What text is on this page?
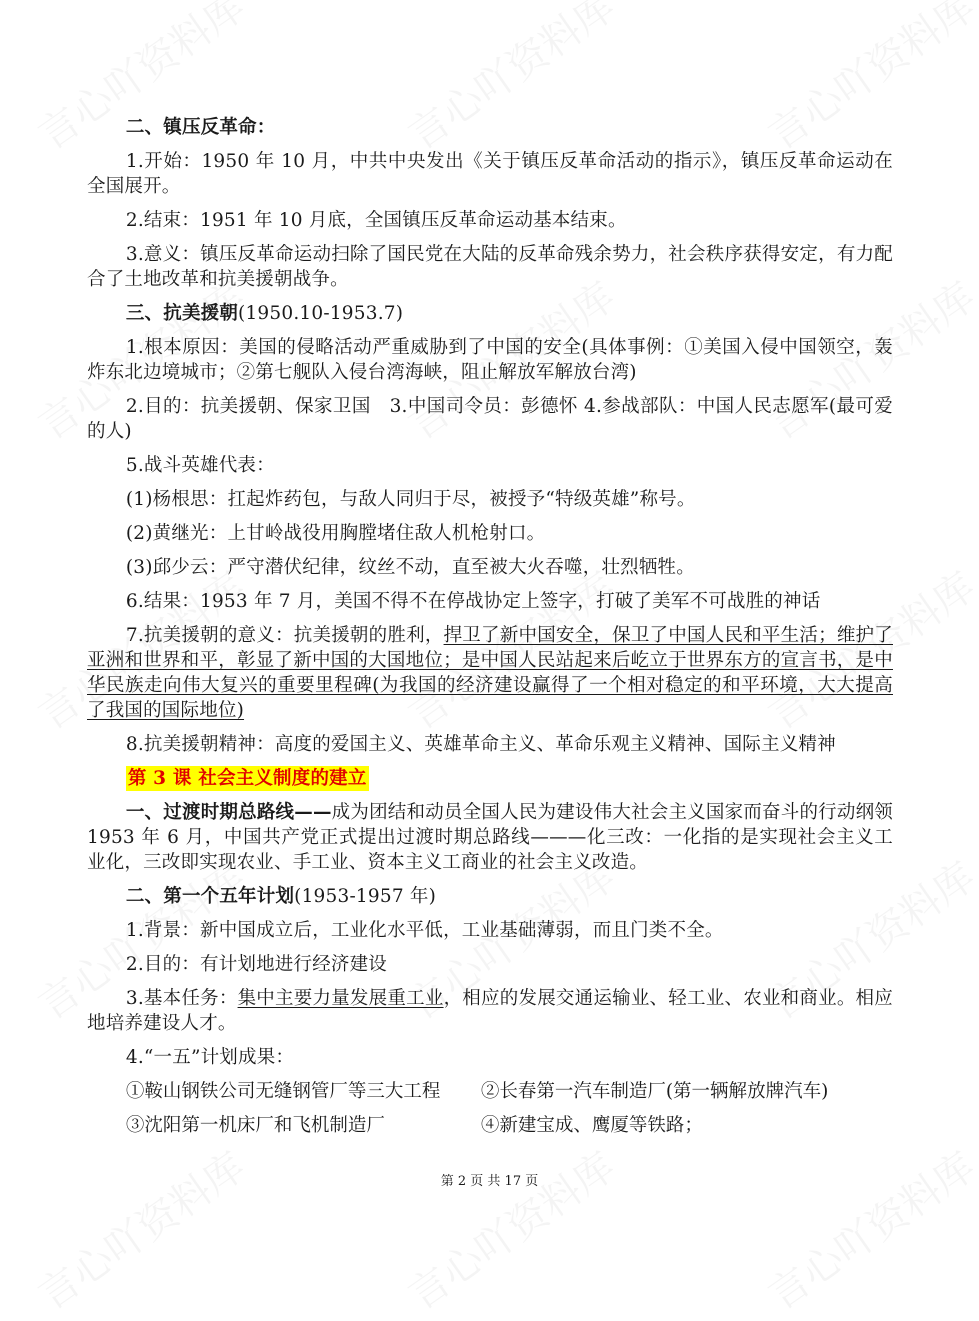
二、镇压反革命：

1.开始：1950 年 10 月，中共中央发出《关于镇压反革命活动的指示》，镇压反革命运动在全国展开。

2.结束：1951 年 10 月底，全国镇压反革命运动基本结束。

3.意义：镇压反革命运动扫除了国民党在大陆的反革命残余势力，社会秩序获得安定，有力配合了土地改革和抗美援朝战争。

三、抗美援朝(1950.10-1953.7)

1.根本原因：美国的侵略活动严重威胁到了中国的安全(具体事例：①美国入侵中国领空，轰炸东北边境城市；②第七舰队入侵台湾海峡，阻止解放军解放台湾)

2.目的：抗美援朝、保家卫国　3.中国司令员：彭德怀 4.参战部队：中国人民志愿军(最可爱的人)

5.战斗英雄代表：

(1)杨根思：扛起炸药包，与敌人同归于尽，被授予“特级英雄”称号。

(2)黄继光：上甘岭战役用胸膛堵住敌人机枪射口。

(3)邱少云：严守潜伏纪律，纹丝不动，直至被大火吞噬，壮烈牺牲。

6.结果：1953 年 7 月，美国不得不在停战协定上签字，打破了美军不可战胜的神话

7.抗美援朝的意义：抗美援朝的胜利，捍卫了新中国安全，保卫了中国人民和平生活；维护了亚洲和世界和平，彰显了新中国的大国地位；是中国人民站起来后屹立于世界东方的宣言书，是中华民族走向伟大复兴的重要里程碑(为我国的经济建设赢得了一个相对稳定的和平环境，大大提高了我国的国际地位)

8.抗美援朝精神：高度的爱国主义、英雄革命主义、革命乐观主义精神、国际主义精神

第 3 课 社会主义制度的建立

一、过渡时期总路线——成为团结和动员全国人民为建设伟大社会主义国家而奋斗的行动纲领 1953 年 6 月，中国共产党正式提出过渡时期总路线———化三改：一化指的是实现社会主义工业化，三改即实现农业、手工业、资本主义工商业的社会主义改造。

二、第一个五年计划(1953-1957 年)

1.背景：新中国成立后，工业化水平低，工业基础薄弱，而且门类不全。

2.目的：有计划地进行经济建设

3.基本任务：集中主要力量发展重工业，相应的发展交通运输业、轻工业、农业和商业。相应地培养建设人才。

4.“一五”计划成果：

①鞍山钢铁公司无缝钢管厂等三大工程	②长春第一汽车制造厂(第一辆解放牌汽车)
③沈阳第一机床厂和飞机制造厂	④新建宝成、鹰厦等铁路；
第 2 页 共 17 页
